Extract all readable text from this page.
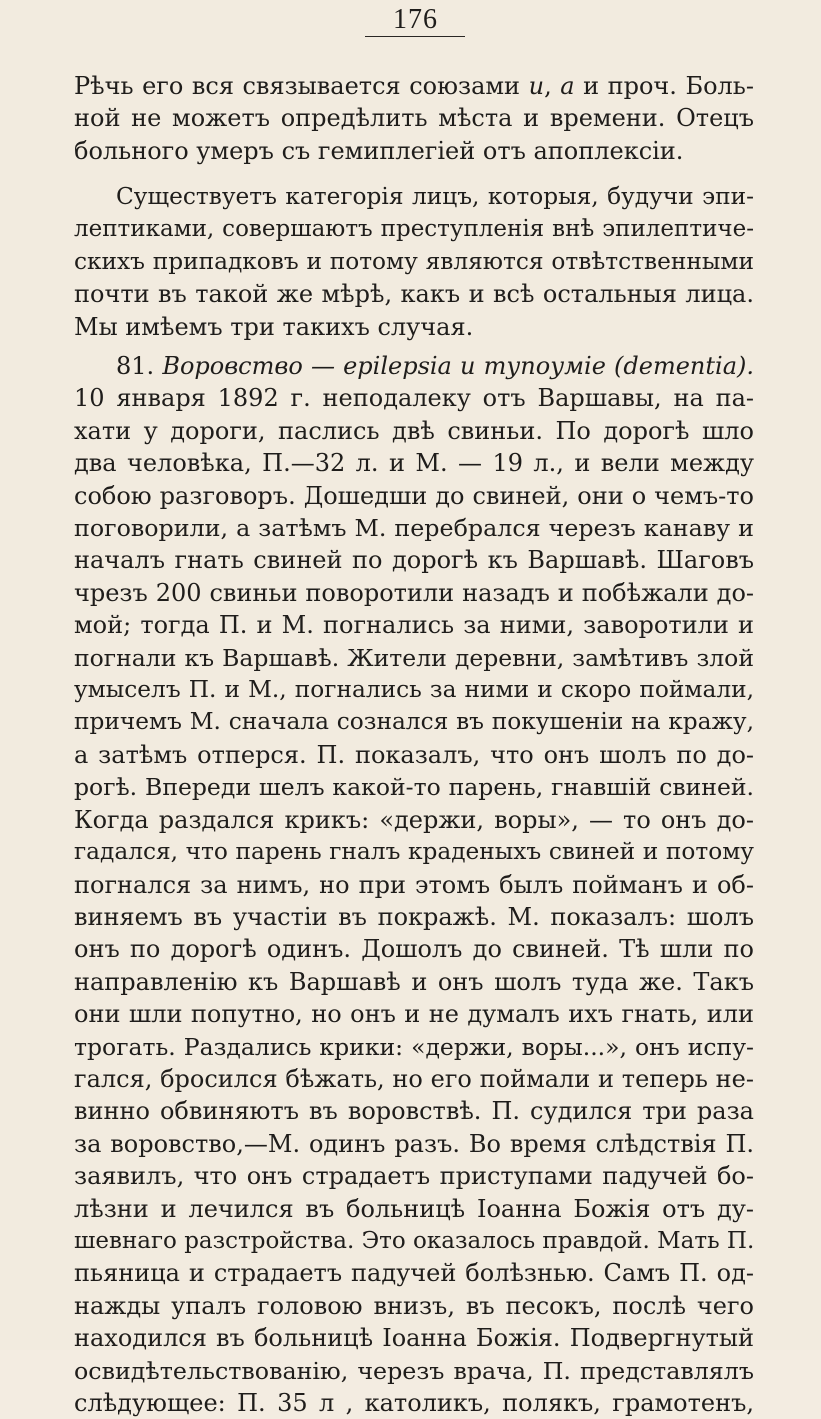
176
Рѣчь его вся связывается союзами и, а и проч. Боль-
ной не можетъ опредѣлить мѣста и времени. Отецъ
больного умеръ съ гемиплегіей отъ апоплексіи.
Существуетъ категорія лицъ, которыя, будучи эпи-
лептиками, совершаютъ преступленія внѣ эпилептиче-
скихъ припадковъ и потому являются отвѣтственными
почти въ такой же мѣрѣ, какъ и всѣ остальныя лица.
Мы имѣемъ три такихъ случая.
81. Воровство — epilepsia и тупоуміе (dementia).
10 января 1892 г. неподалеку отъ Варшавы, на па-
хати у дороги, паслись двѣ свиньи. По дорогѣ шло
два человѣка, П.—32 л. и М. — 19 л., и вели между
собою разговоръ. Дошедши до свиней, они о чемъ-то
поговорили, а затѣмъ М. перебрался черезъ канаву и
началъ гнать свиней по дорогѣ къ Варшавѣ. Шаговъ
чрезъ 200 свиньи поворотили назадъ и побѣжали до-
мой; тогда П. и М. погнались за ними, заворотили и
погнали къ Варшавѣ. Жители деревни, замѣтивъ злой
умыселъ П. и М., погнались за ними и скоро поймали,
причемъ М. сначала сознался въ покушеніи на кражу,
а затѣмъ отперся. П. показалъ, что онъ шолъ по до-
рогѣ. Впереди шелъ какой-то парень, гнавшій свиней.
Когда раздался крикъ: «держи, воры», — то онъ до-
гадался, что парень гналъ краденыхъ свиней и потому
погнался за нимъ, но при этомъ былъ пойманъ и об-
виняемъ въ участіи въ покражѣ. М. показалъ: шолъ
онъ по дорогѣ одинъ. Дошолъ до свиней. Тѣ шли по
направленію къ Варшавѣ и онъ шолъ туда же. Такъ
они шли попутно, но онъ и не думалъ ихъ гнать, или
трогать. Раздались крики: «держи, воры...», онъ испу-
гался, бросился бѣжать, но его поймали и теперь не-
винно обвиняютъ въ воровствѣ. П. судился три раза
за воровство,—М. одинъ разъ. Во время слѣдствія П.
заявилъ, что онъ страдаетъ приступами падучей бо-
лѣзни и лечился въ больницѣ Іоанна Божія отъ ду-
шевнаго разстройства. Это оказалось правдой. Мать П.
пьяница и страдаетъ падучей болѣзнью. Самъ П. од-
нажды упалъ головою внизъ, въ песокъ, послѣ чего
находился въ больницѣ Іоанна Божія. Подвергнутый
освидѣтельствованію, черезъ врача, П. представлялъ
слѣдующее: П. 35 л , католикъ, полякъ, грамотенъ,
